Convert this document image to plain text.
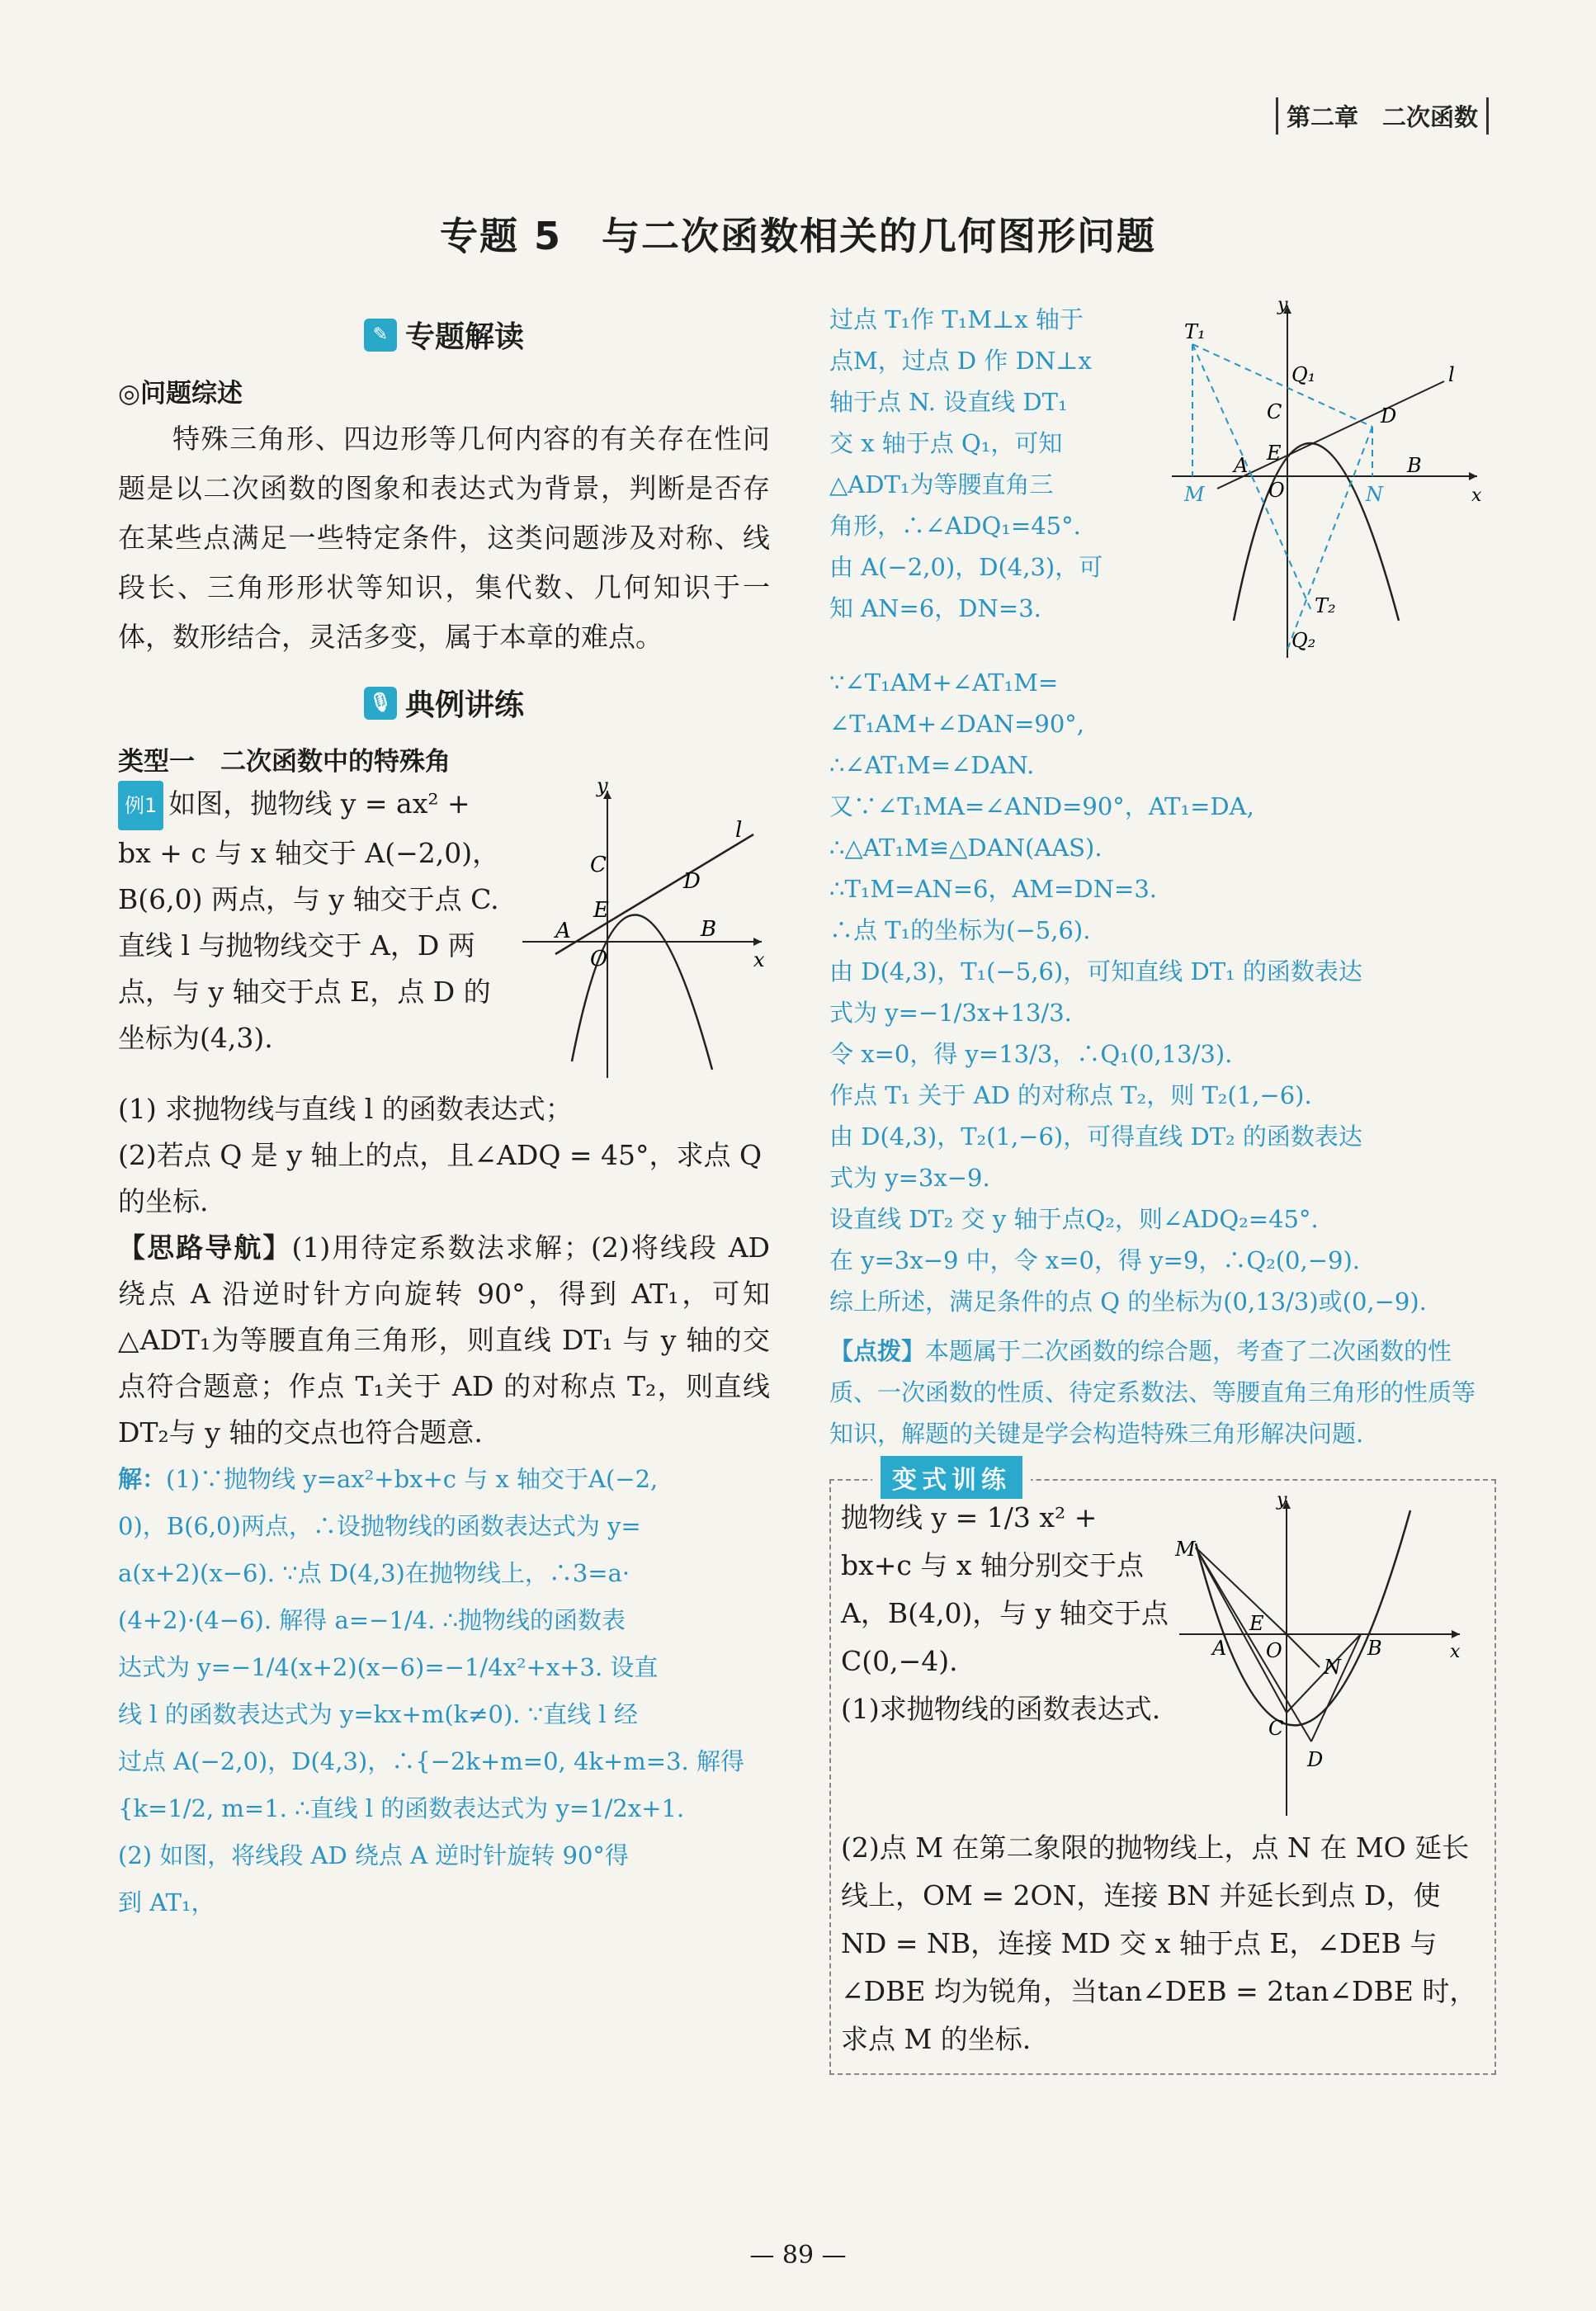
第二章　二次函数
专题 5　与二次函数相关的几何图形问题
✎ 专题解读
◎问题综述

特殊三角形、四边形等几何内容的有关存在性问题是以二次函数的图象和表达式为背景，判断是否存在某些点满足一些特定条件，这类问题涉及对称、线段长、三角形形状等知识，集代数、几何知识于一体，数形结合，灵活多变，属于本章的难点。

🎙 典例讲练
类型一　二次函数中的特殊角
例1 如图，抛物线 y = ax² + bx + c 与 x 轴交于 A(−2,0)，B(6,0) 两点，与 y 轴交于点 C. 直线 l 与抛物线交于 A，D 两点，与 y 轴交于点 E，点 D 的坐标为(4,3).
y
x
C
l
D
E
A	B
O

(1) 求抛物线与直线 l 的函数表达式；

(2)若点 Q 是 y 轴上的点，且∠ADQ = 45°，求点 Q 的坐标.

【思路导航】(1)用待定系数法求解；(2)将线段 AD 绕点 A 沿逆时针方向旋转 90°，得到 AT₁，可知△ADT₁为等腰直角三角形，则直线 DT₁ 与 y 轴的交点符合题意；作点 T₁关于 AD 的对称点 T₂，则直线 DT₂与 y 轴的交点也符合题意.

解：(1)∵抛物线 y=ax²+bx+c 与 x 轴交于A(−2,

0)，B(6,0)两点，∴设抛物线的函数表达式为 y=

a(x+2)(x−6). ∵点 D(4,3)在抛物线上，∴3=a·

(4+2)·(4−6). 解得 a=−1/4. ∴抛物线的函数表

达式为 y=−1/4(x+2)(x−6)=−1/4x²+x+3. 设直

线 l 的函数表达式为 y=kx+m(k≠0). ∵直线 l 经

过点 A(−2,0)，D(4,3)，∴{−2k+m=0, 4k+m=3. 解得

{k=1/2, m=1. ∴直线 l 的函数表达式为 y=1/2x+1.

(2) 如图，将线段 AD 绕点 A 逆时针旋转 90°得

到 AT₁，

过点 T₁作 T₁M⊥x 轴于

点M，过点 D 作 DN⊥x

轴于点 N. 设直线 DT₁

交 x 轴于点 Q₁，可知

△ADT₁为等腰直角三

角形，∴∠ADQ₁=45°.

由 A(−2,0)，D(4,3)，可

知 AN=6，DN=3.

y
x
T₁
Q₁
C
l
D
E
A	B
O
M	N
T₂
Q₂

∵∠T₁AM+∠AT₁M=

∠T₁AM+∠DAN=90°,

∴∠AT₁M=∠DAN.

又∵∠T₁MA=∠AND=90°，AT₁=DA,

∴△AT₁M≌△DAN(AAS).

∴T₁M=AN=6，AM=DN=3.

∴点 T₁的坐标为(−5,6).

由 D(4,3)，T₁(−5,6)，可知直线 DT₁ 的函数表达

式为 y=−1/3x+13/3.

令 x=0，得 y=13/3，∴Q₁(0,13/3).

作点 T₁ 关于 AD 的对称点 T₂，则 T₂(1,−6).

由 D(4,3)，T₂(1,−6)，可得直线 DT₂ 的函数表达

式为 y=3x−9.

设直线 DT₂ 交 y 轴于点Q₂，则∠ADQ₂=45°.

在 y=3x−9 中，令 x=0，得 y=9，∴Q₂(0,−9).

综上所述，满足条件的点 Q 的坐标为(0,13/3)或(0,−9).

【点拨】本题属于二次函数的综合题，考查了二次函数的性质、一次函数的性质、待定系数法、等腰直角三角形的性质等知识，解题的关键是学会构造特殊三角形解决问题.

变式训练
抛物线 y = 1/3 x² + bx+c 与 x 轴分别交于点A，B(4,0)，与 y 轴交于点C(0,−4).
(1)求抛物线的函数表达式.
y
x
M
E
A O
N
B
C
D

(2)点 M 在第二象限的抛物线上，点 N 在 MO 延长线上，OM = 2ON，连接 BN 并延长到点 D，使 ND = NB，连接 MD 交 x 轴于点 E，∠DEB 与 ∠DBE 均为锐角，当tan∠DEB = 2tan∠DBE 时，求点 M 的坐标.

— 89 —
